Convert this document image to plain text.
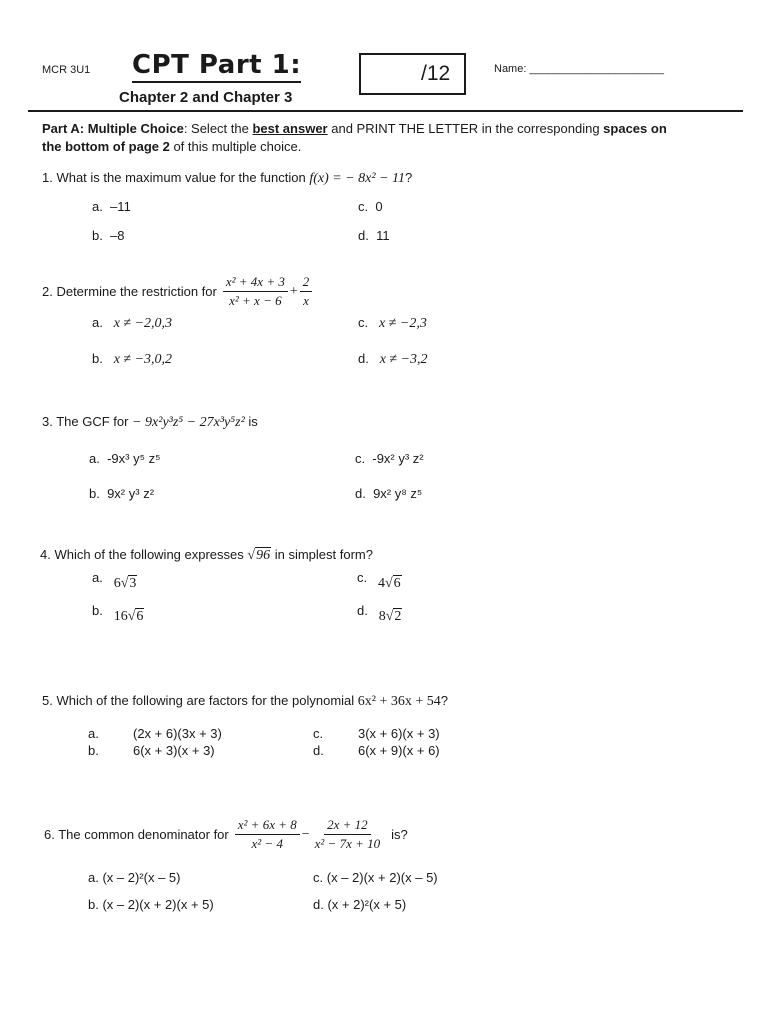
MCR 3U1 CPT Part 1:
Chapter 2 and Chapter 3
/12	Name: ______________________
Part A: Multiple Choice: Select the best answer and PRINT THE LETTER in the corresponding spaces on
the bottom of page 2 of this multiple choice.
1. What is the maximum value for the function f(x) = − 8x² − 11?
a. –11	c. 0
b. –8	d. 11
2. Determine the restriction for $\frac{\text{x² + 4x + 3}}{\text{x² + x − 6}} + \frac{2}{x}$
a. x ≠ −2,0,3	c. x ≠ −2,3
b. x ≠ −3,0,2	d. x ≠ −3,2
3. The GCF for − 9x²y³z⁵ − 27x³y⁵z² is
a. -9x³ y⁵ z⁵	c. -9x² y³ z²
b. 9x² y³ z²	d. 9x² y⁸ z⁵
4. Which of the following expresses √96 in simplest form?
a. 6√3	c. 4√6
b. 16√6	d. 8√2
5. Which of the following are factors for the polynomial 6x² + 36x + 54?
a.	(2x + 6)(3x + 3)	c.	3(x + 6)(x + 3)
b.	6(x + 3)(x + 3)	d.	6(x + 9)(x + 6)
6. The common denominator for $\frac{\text{x² + 6x + 8}}{\text{x² − 4}} - \frac{2x + 12}{\text{x² − 7x + 10}}$ is?
a. (x – 2)²(x – 5)	c. (x – 2)(x + 2)(x – 5)
b. (x – 2)(x + 2)(x + 5)	d. (x + 2)²(x + 5)
